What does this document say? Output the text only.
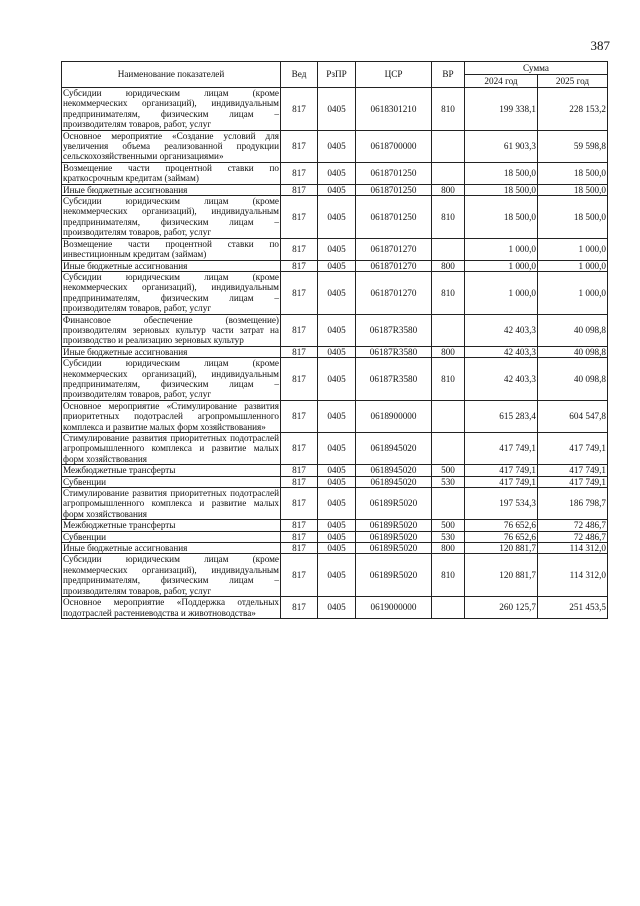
387
Наименование показателей	Вед	РзПР	ЦСР	ВР	Сумма	
					2024 год	2025 год
Субсидии юридическим лицам (кроме некоммерческих организаций), индивидуальным предпринимателям, физическим лицам – производителям товаров, работ, услуг	817	0405	0618301210	810	199 338,1	228 153,2
Основное мероприятие «Создание условий для увеличения объема реализованной продукции сельскохозяйственными организациями»	817	0405	0618700000		61 903,3	59 598,8
Возмещение части процентной ставки по краткосрочным кредитам (займам)	817	0405	0618701250		18 500,0	18 500,0
Иные бюджетные ассигнования	817	0405	0618701250	800	18 500,0	18 500,0
Субсидии юридическим лицам (кроме некоммерческих организаций), индивидуальным предпринимателям, физическим лицам – производителям товаров, работ, услуг	817	0405	0618701250	810	18 500,0	18 500,0
Возмещение части процентной ставки по инвестиционным кредитам (займам)	817	0405	0618701270		1 000,0	1 000,0
Иные бюджетные ассигнования	817	0405	0618701270	800	1 000,0	1 000,0
Субсидии юридическим лицам (кроме некоммерческих организаций), индивидуальным предпринимателям, физическим лицам – производителям товаров, работ, услуг	817	0405	0618701270	810	1 000,0	1 000,0
Финансовое обеспечение (возмещение) производителям зерновых культур части затрат на производство и реализацию зерновых культур	817	0405	06187R3580		42 403,3	40 098,8
Иные бюджетные ассигнования	817	0405	06187R3580	800	42 403,3	40 098,8
Субсидии юридическим лицам (кроме некоммерческих организаций), индивидуальным предпринимателям, физическим лицам – производителям товаров, работ, услуг	817	0405	06187R3580	810	42 403,3	40 098,8
Основное мероприятие «Стимулирование развития приоритетных подотраслей агропромышленного комплекса и развитие малых форм хозяйствования»	817	0405	0618900000		615 283,4	604 547,8
Стимулирование развития приоритетных подотраслей агропромышленного комплекса и развитие малых форм хозяйствования	817	0405	0618945020		417 749,1	417 749,1
Межбюджетные трансферты	817	0405	0618945020	500	417 749,1	417 749,1
Субвенции	817	0405	0618945020	530	417 749,1	417 749,1
Стимулирование развития приоритетных подотраслей агропромышленного комплекса и развитие малых форм хозяйствования	817	0405	06189R5020		197 534,3	186 798,7
Межбюджетные трансферты	817	0405	06189R5020	500	76 652,6	72 486,7
Субвенции	817	0405	06189R5020	530	76 652,6	72 486,7
Иные бюджетные ассигнования	817	0405	06189R5020	800	120 881,7	114 312,0
Субсидии юридическим лицам (кроме некоммерческих организаций), индивидуальным предпринимателям, физическим лицам – производителям товаров, работ, услуг	817	0405	06189R5020	810	120 881,7	114 312,0
Основное мероприятие «Поддержка отдельных подотраслей растениеводства и животноводства»	817	0405	0619000000		260 125,7	251 453,5
